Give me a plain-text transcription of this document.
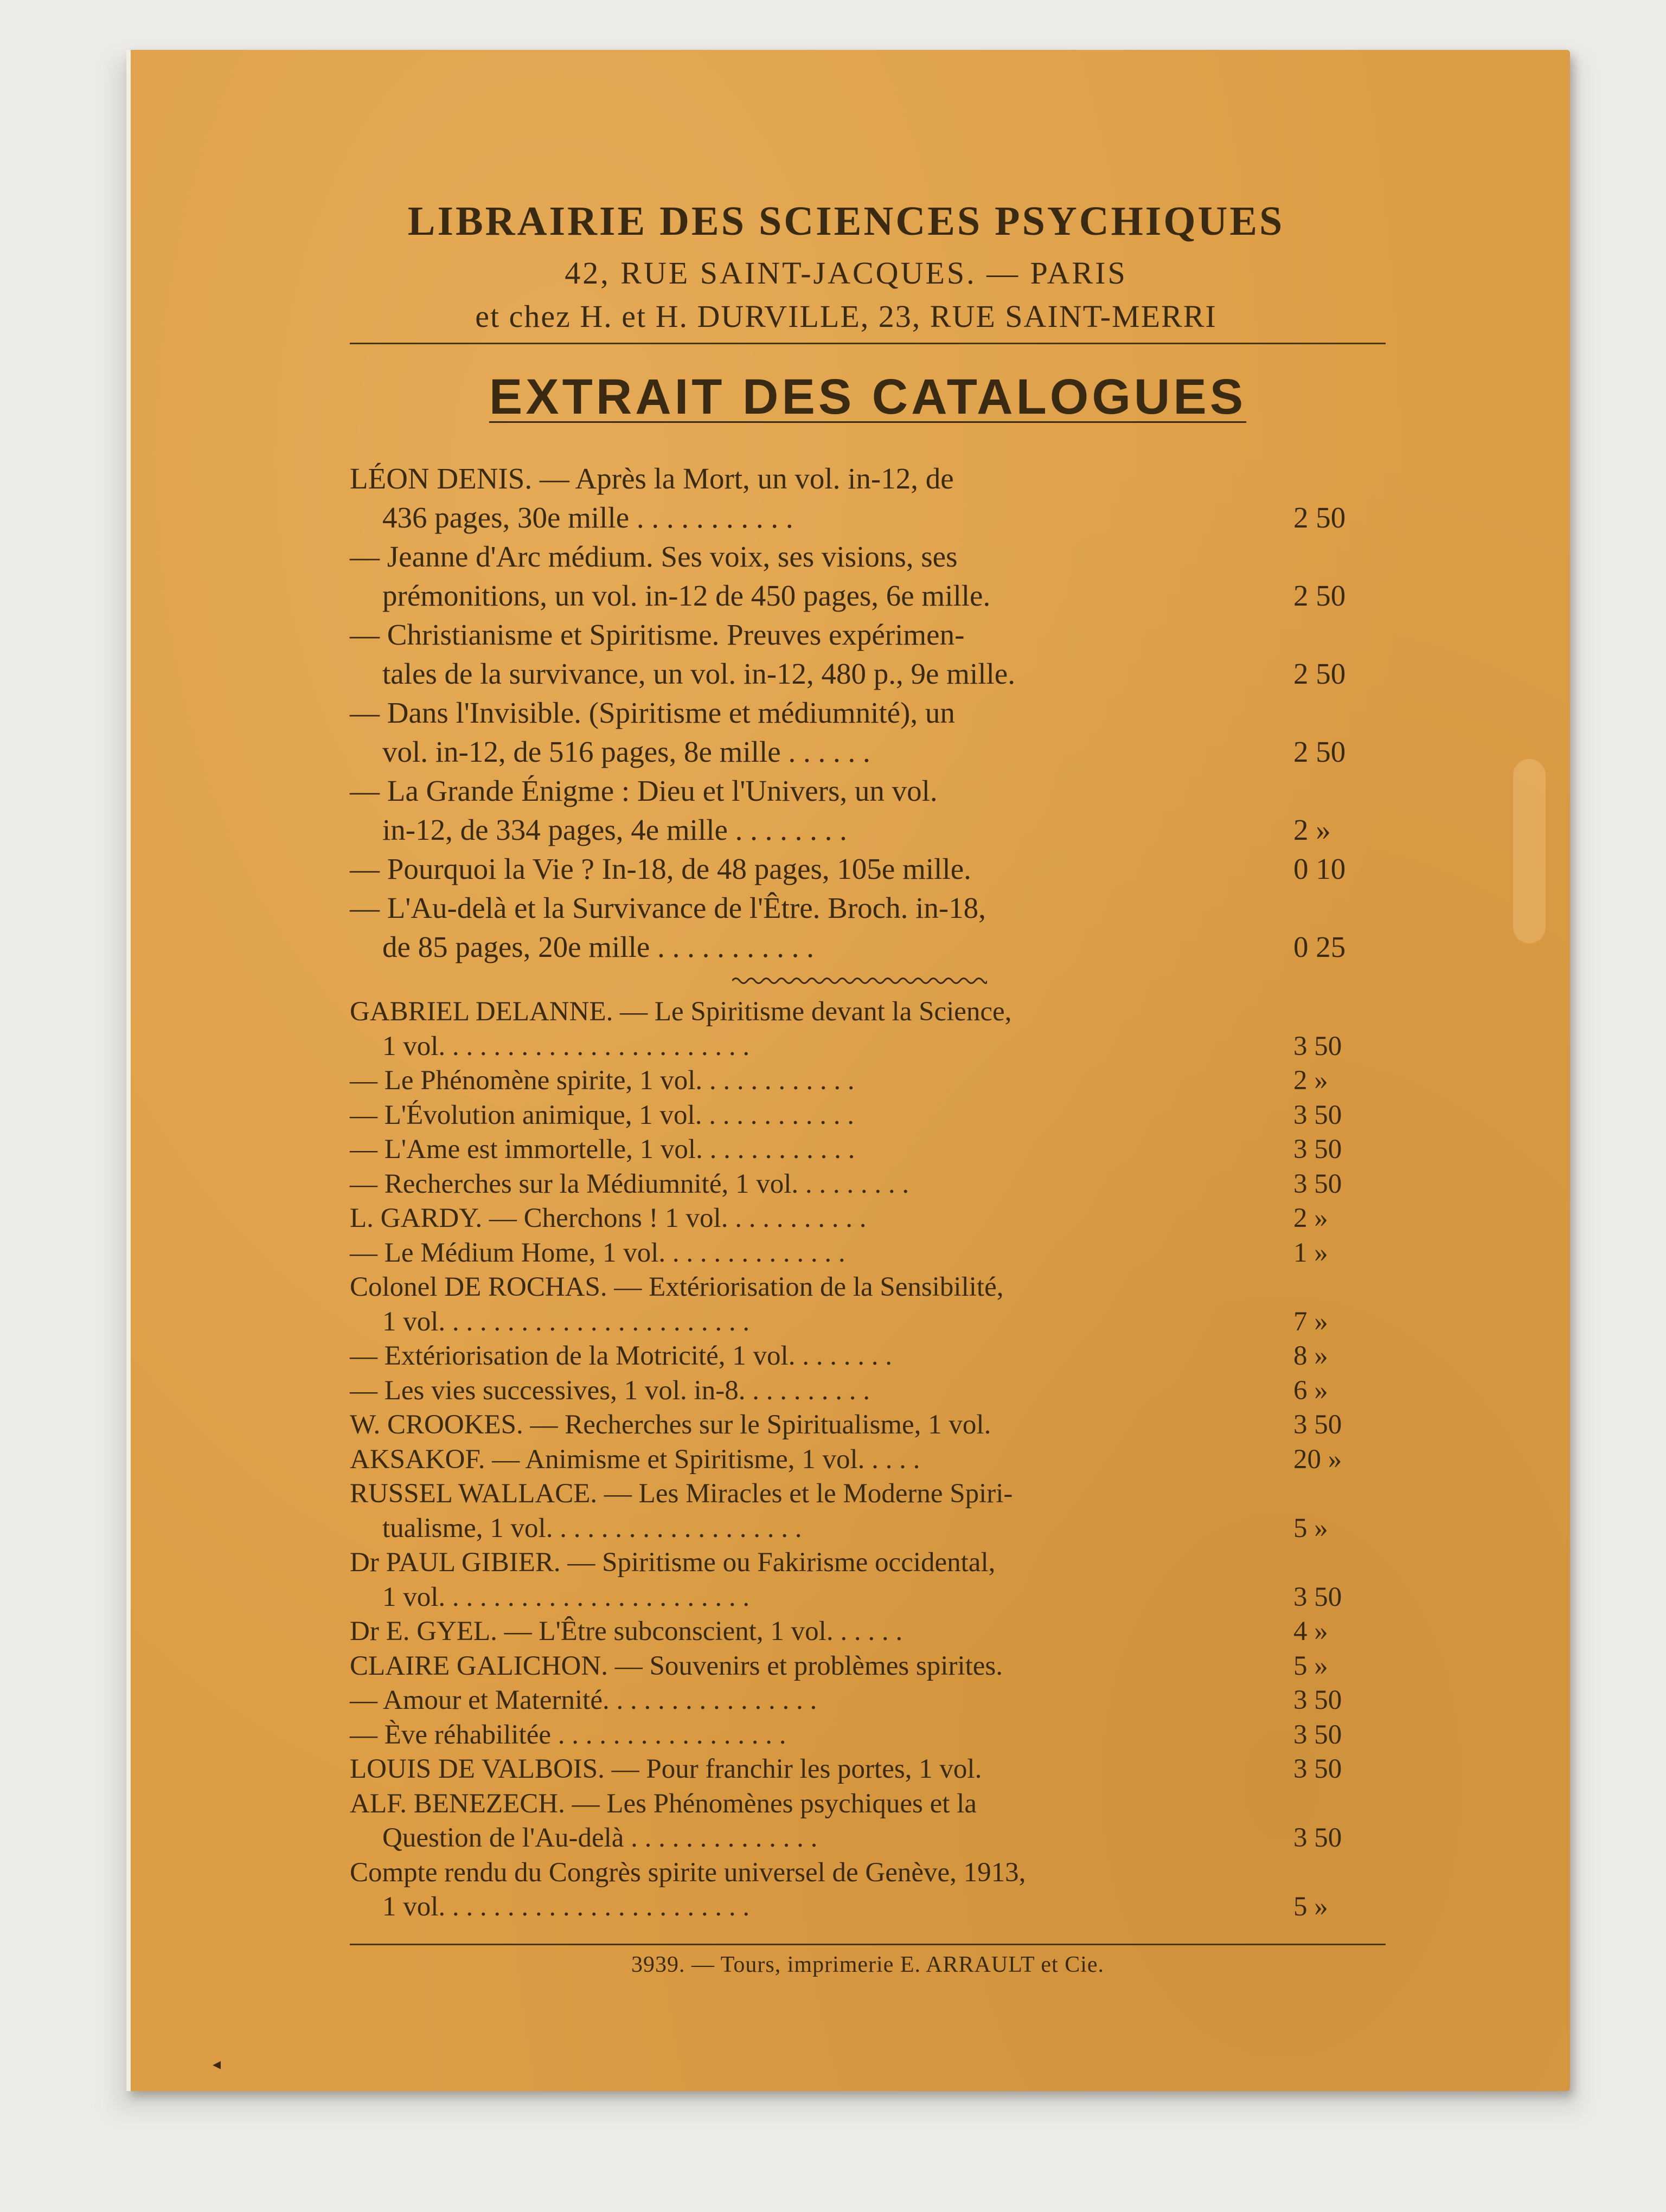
LIBRAIRIE DES SCIENCES PSYCHIQUES
42, RUE SAINT-JACQUES. — PARIS
et chez H. et H. DURVILLE, 23, RUE SAINT-MERRI
EXTRAIT DES CATALOGUES
LÉON DENIS. — Après la Mort, un vol. in-12, de
436 pages, 30e mille . . . . . . . . . . .	2 50
— Jeanne d'Arc médium. Ses voix, ses visions, ses
prémonitions, un vol. in-12 de 450 pages, 6e mille.	2 50
— Christianisme et Spiritisme. Preuves expérimen-
tales de la survivance, un vol. in-12, 480 p., 9e mille.	2 50
— Dans l'Invisible. (Spiritisme et médiumnité), un
vol. in-12, de 516 pages, 8e mille . . . . . .	2 50
— La Grande Énigme : Dieu et l'Univers, un vol.
in-12, de 334 pages, 4e mille . . . . . . . .	2 »
— Pourquoi la Vie ? In-18, de 48 pages, 105e mille.	0 10
— L'Au-delà et la Survivance de l'Être. Broch. in-18,
de 85 pages, 20e mille . . . . . . . . . . .	0 25
GABRIEL DELANNE. — Le Spiritisme devant la Science,
1 vol. . . . . . . . . . . . . . . . . . . . . . .	3 50
— Le Phénomène spirite, 1 vol. . . . . . . . . . . .	2 »
— L'Évolution animique, 1 vol. . . . . . . . . . . .	3 50
— L'Ame est immortelle, 1 vol. . . . . . . . . . . .	3 50
— Recherches sur la Médiumnité, 1 vol. . . . . . . . .	3 50
L. GARDY. — Cherchons ! 1 vol. . . . . . . . . . .	2 »
— Le Médium Home, 1 vol. . . . . . . . . . . . . .	1 »
Colonel DE ROCHAS. — Extériorisation de la Sensibilité,
1 vol. . . . . . . . . . . . . . . . . . . . . . .	7 »
— Extériorisation de la Motricité, 1 vol. . . . . . . .	8 »
— Les vies successives, 1 vol. in-8. . . . . . . . . .	6 »
W. CROOKES. — Recherches sur le Spiritualisme, 1 vol.	3 50
AKSAKOF. — Animisme et Spiritisme, 1 vol. . . . .	20 »
RUSSEL WALLACE. — Les Miracles et le Moderne Spiri-
tualisme, 1 vol. . . . . . . . . . . . . . . . . . .	5 »
Dr PAUL GIBIER. — Spiritisme ou Fakirisme occidental,
1 vol. . . . . . . . . . . . . . . . . . . . . . .	3 50
Dr E. GYEL. — L'Être subconscient, 1 vol. . . . . .	4 »
CLAIRE GALICHON. — Souvenirs et problèmes spirites.	5 »
— Amour et Maternité. . . . . . . . . . . . . . . .	3 50
— Ève réhabilitée . . . . . . . . . . . . . . . . .	3 50
LOUIS DE VALBOIS. — Pour franchir les portes, 1 vol.	3 50
ALF. BENEZECH. — Les Phénomènes psychiques et la
Question de l'Au-delà . . . . . . . . . . . . . .	3 50
Compte rendu du Congrès spirite universel de Genève, 1913,
1 vol. . . . . . . . . . . . . . . . . . . . . . .	5 »
3939. — Tours, imprimerie E. ARRAULT et Cie.
◂
